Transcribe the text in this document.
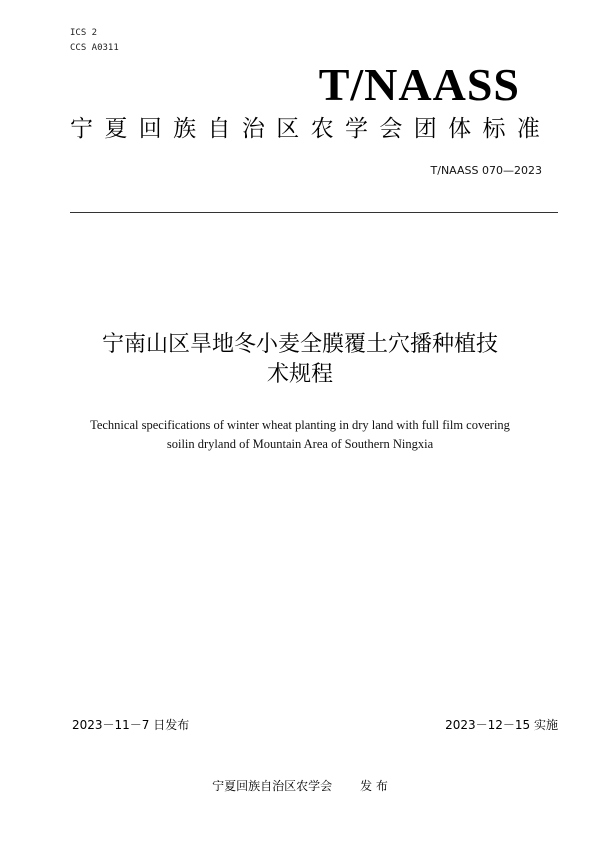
ICS 2
CCS A0311
T/NAASS
宁 夏 回 族 自 治 区 农 学 会 团 体 标 准
T/NAASS 070—2023
宁南山区旱地冬小麦全膜覆土穴播种植技
术规程
Technical specifications of winter wheat planting in dry land with full film covering
soilin dryland of Mountain Area of Southern Ningxia
2023－11－7 日发布	2023－12－15 实施
宁夏回族自治区农学会 发 布
